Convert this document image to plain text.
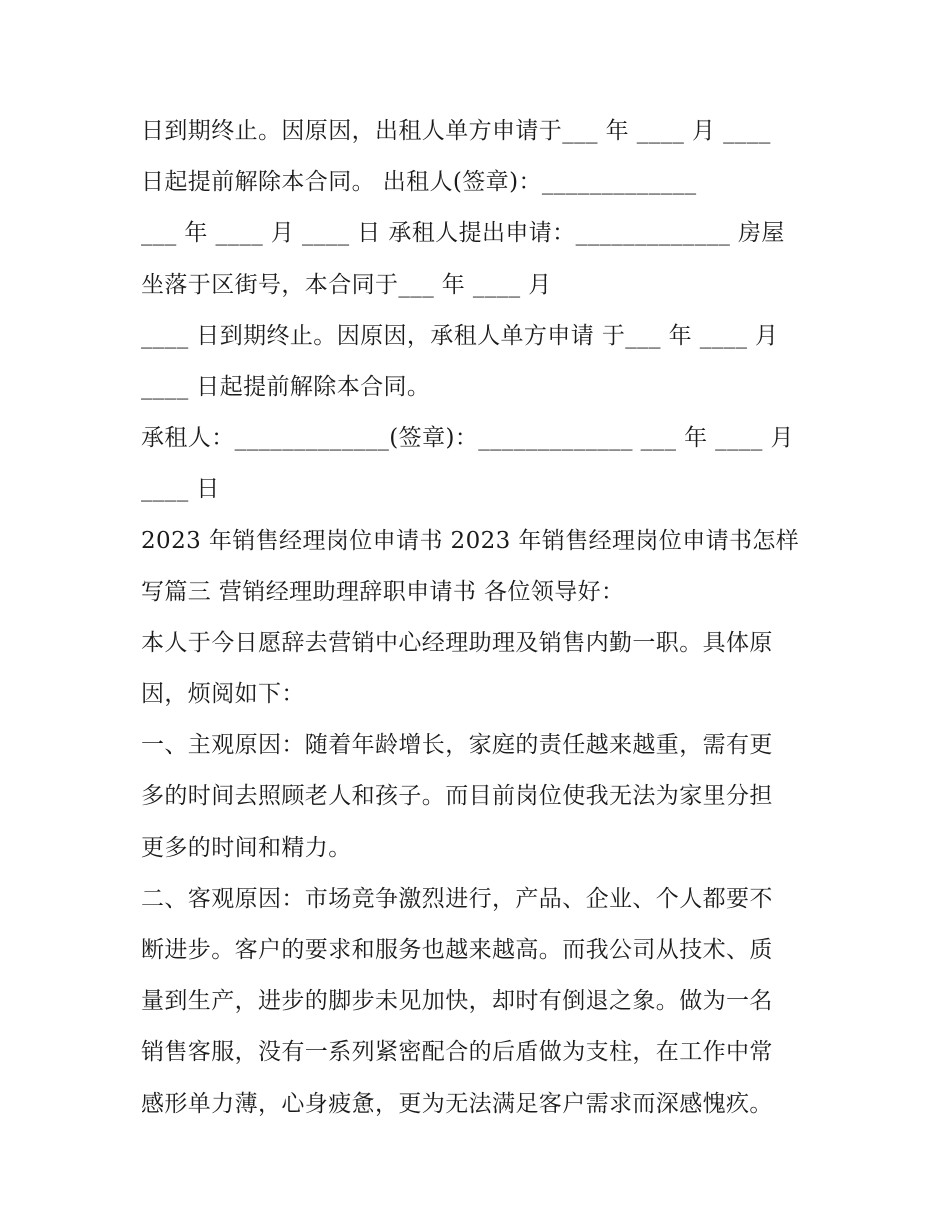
日到期终止。因原因，出租人单方申请于___ 年 ____ 月 ____
日起提前解除本合同。 出租人(签章)：_____________
___ 年 ____ 月 ____ 日 承租人提出申请：_____________ 房屋
坐落于区街号，本合同于___ 年 ____ 月
____ 日到期终止。因原因，承租人单方申请 于___ 年 ____ 月
____ 日起提前解除本合同。
承租人：_____________(签章)：_____________ ___ 年 ____ 月
____ 日
2023 年销售经理岗位申请书 2023 年销售经理岗位申请书怎样
写篇三 营销经理助理辞职申请书 各位领导好：
本人于今日愿辞去营销中心经理助理及销售内勤一职。具体原
因，烦阅如下：
一、主观原因：随着年龄增长，家庭的责任越来越重，需有更
多的时间去照顾老人和孩子。而目前岗位使我无法为家里分担
更多的时间和精力。
二、客观原因：市场竞争激烈进行，产品、企业、个人都要不
断进步。客户的要求和服务也越来越高。而我公司从技术、质
量到生产，进步的脚步未见加快，却时有倒退之象。做为一名
销售客服，没有一系列紧密配合的后盾做为支柱，在工作中常
感形单力薄，心身疲惫，更为无法满足客户需求而深感愧疚。
